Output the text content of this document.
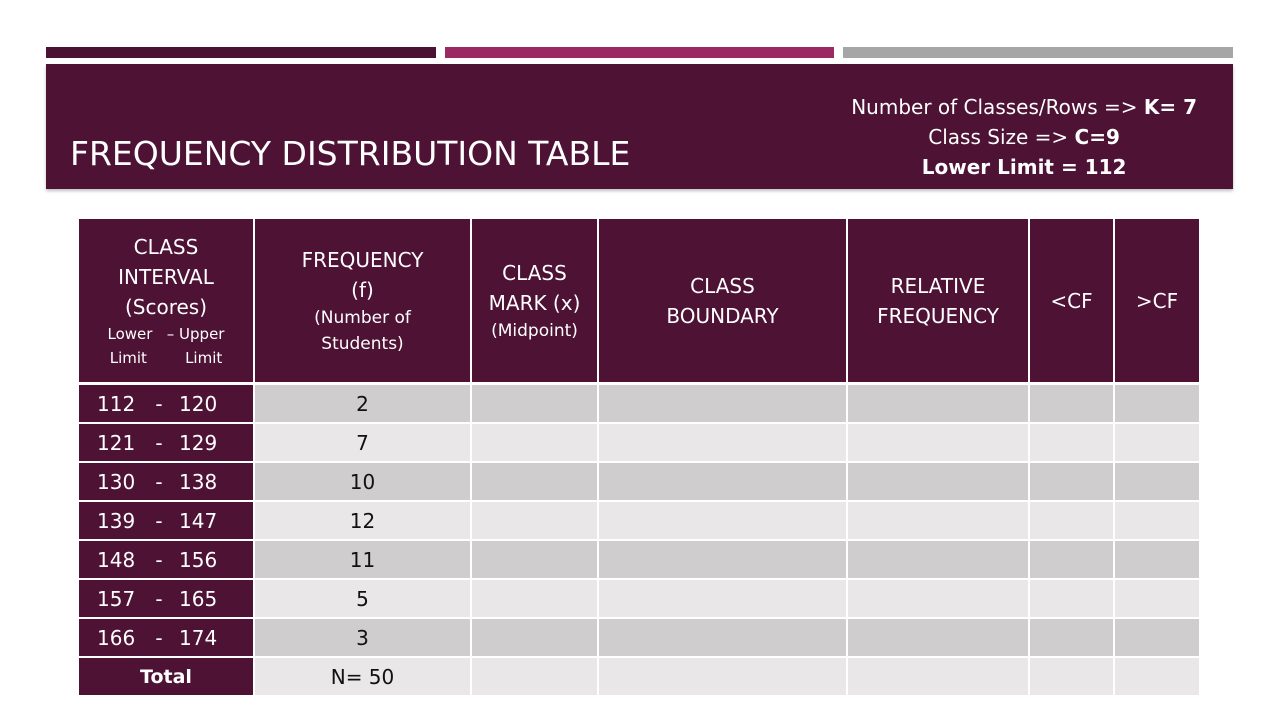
FREQUENCY DISTRIBUTION TABLE
Number of Classes/Rows => K= 7
Class Size => C=9
Lower Limit = 112
CLASS
INTERVAL
(Scores)
Lower – Upper
Limit Limit	FREQUENCY
(f)
(Number of
Students)	CLASS
MARK (x)
(Midpoint)	CLASS
BOUNDARY	RELATIVE
FREQUENCY	<CF	>CF
112 - 120	2					
121 - 129	7					
130 - 138	10					
139 - 147	12					
148 - 156	11					
157 - 165	5					
166 - 174	3					
Total	N= 50					
